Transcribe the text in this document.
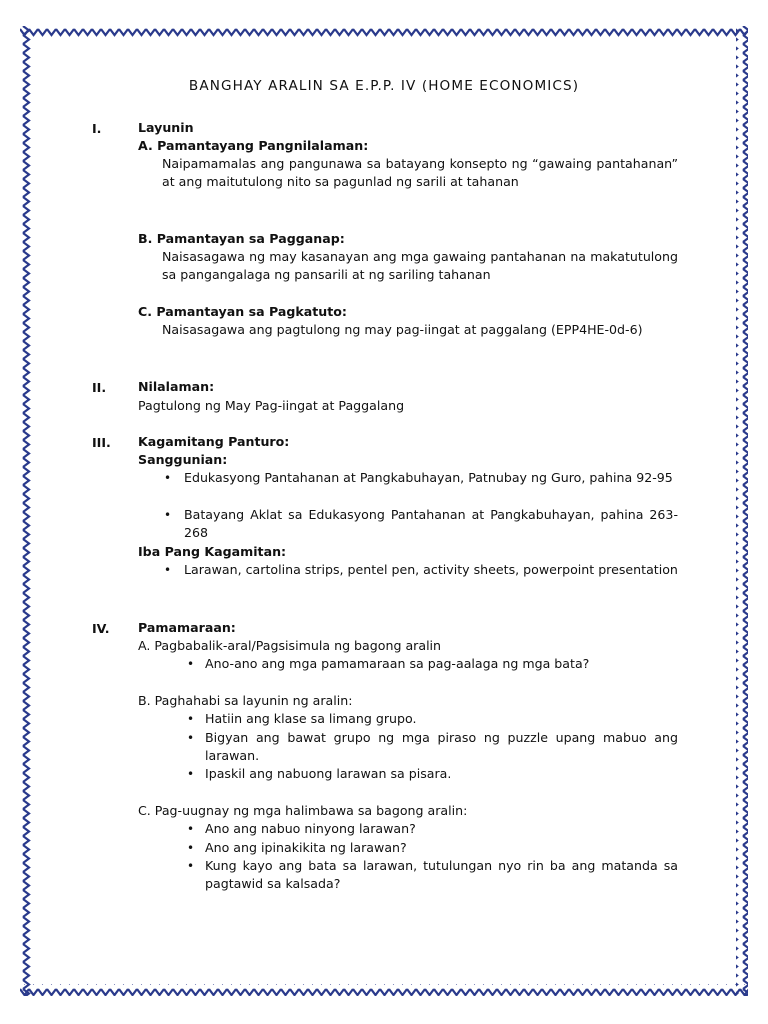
BANGHAY ARALIN SA E.P.P. IV (HOME ECONOMICS)
I.	Layunin
A. Pamantayang Pangnilalaman:
Naipamamalas ang pangunawa sa batayang konsepto ng “gawaing pantahanan” at ang maitutulong nito sa pagunlad ng sarili at tahanan
B. Pamantayan sa Pagganap:
Naisasagawa ng may kasanayan ang mga gawaing pantahanan na makatutulong sa pangangalaga ng pansarili at ng sariling tahanan
C. Pamantayan sa Pagkatuto:
Naisasagawa ang pagtulong ng may pag-iingat at paggalang (EPP4HE-0d-6)
II.	Nilalaman:
Pagtulong ng May Pag-iingat at Paggalang
III. Kagamitang Panturo:
Sanggunian:
• Edukasyong Pantahanan at Pangkabuhayan, Patnubay ng Guro, pahina 92-95
• Batayang Aklat sa Edukasyong Pantahanan at Pangkabuhayan, pahina 263-268
Iba Pang Kagamitan:
• Larawan, cartolina strips, pentel pen, activity sheets, powerpoint presentation
IV. Pamamaraan:
A. Pagbabalik-aral/Pagsisimula ng bagong aralin
• Ano-ano ang mga pamamaraan sa pag-aalaga ng mga bata?
B. Paghahabi sa layunin ng aralin:
• Hatiin ang klase sa limang grupo.
• Bigyan ang bawat grupo ng mga piraso ng puzzle upang mabuo ang larawan.
• Ipaskil ang nabuong larawan sa pisara.
C. Pag-uugnay ng mga halimbawa sa bagong aralin:
• Ano ang nabuo ninyong larawan?
• Ano ang ipinakikita ng larawan?
• Kung kayo ang bata sa larawan, tutulungan nyo rin ba ang matanda sa pagtawid sa kalsada?
